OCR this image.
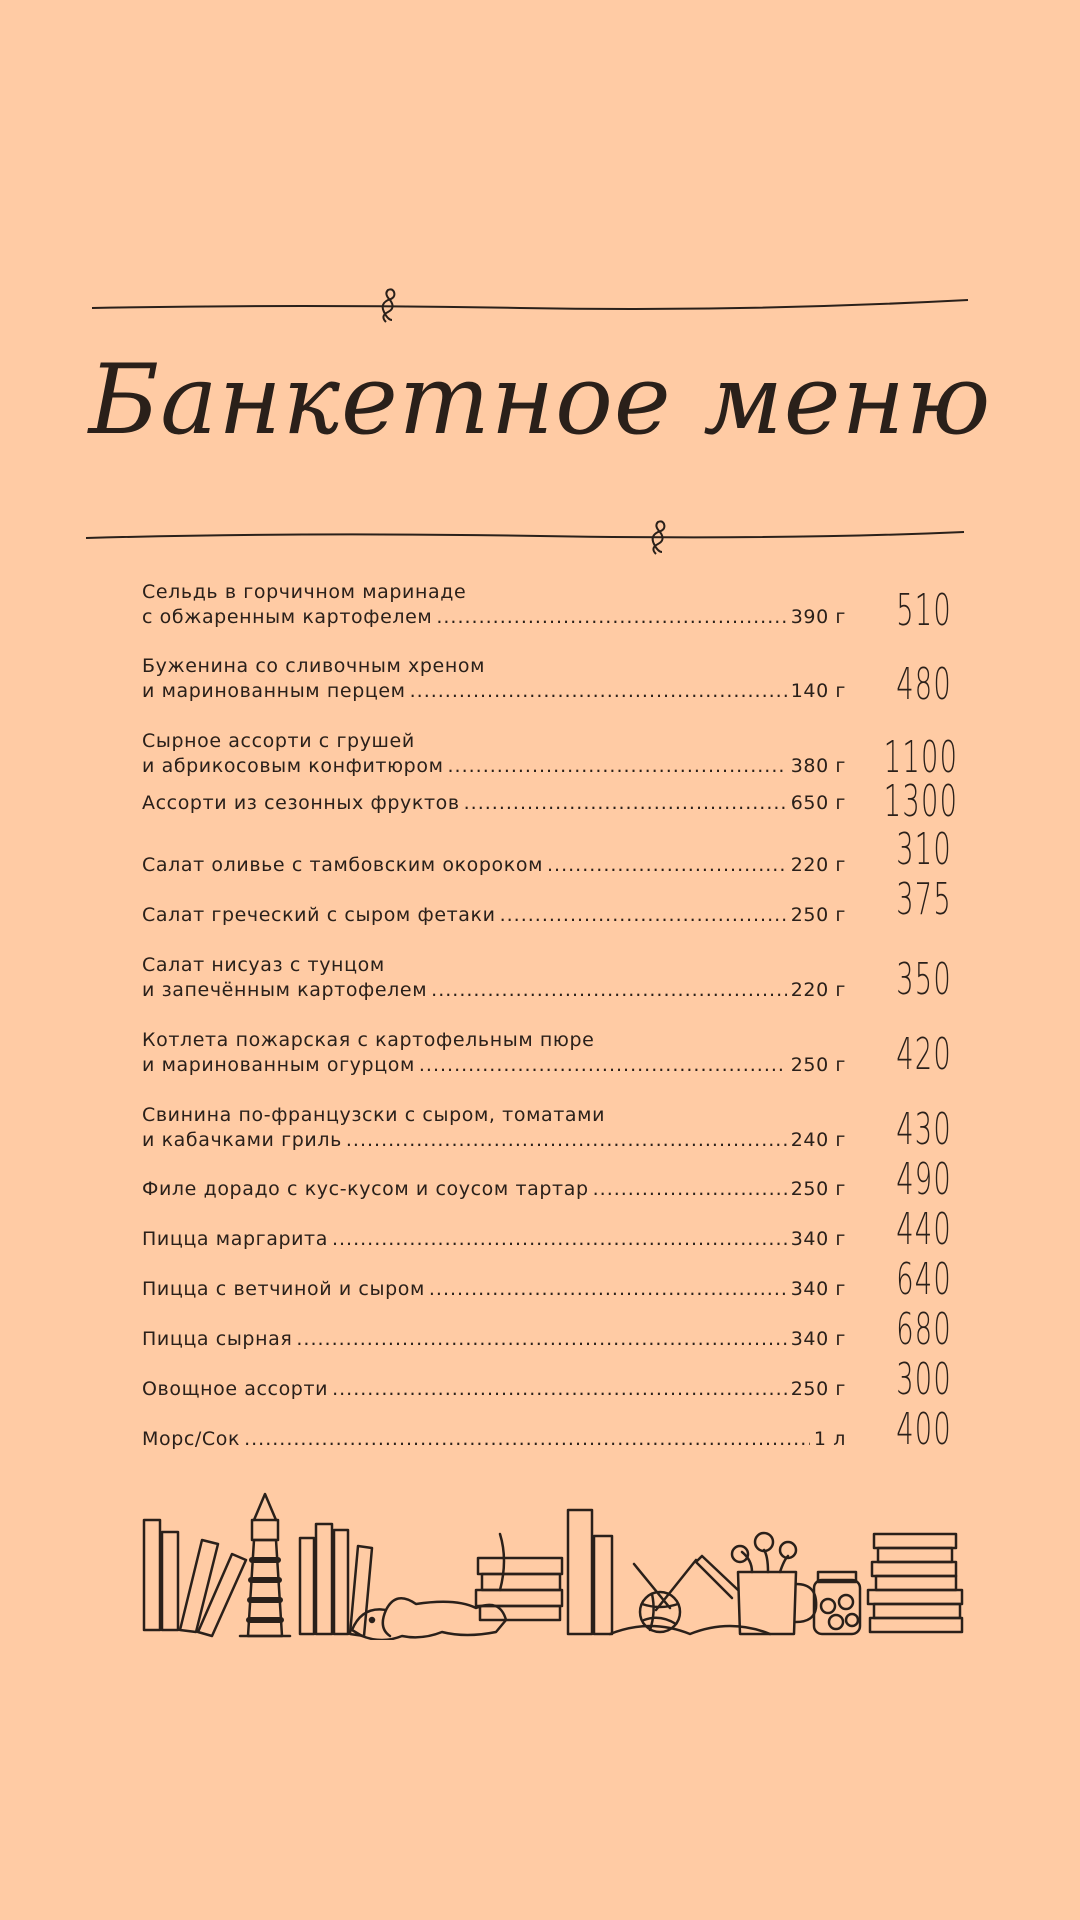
Банкетное меню
Сельдь в горчичном маринаде
с обжаренным картофелем .....	390 г 510
Буженина со сливочным хреном
и маринованным перцем .....	140 г 480
Сырное ассорти с грушей
и абрикосовым конфитюром .....	380 г 1100
Ассорти из сезонных фруктов .....	650 г 1300
Салат оливье с тамбовским окороком .....	220 г 310
Салат греческий с сыром фетаки .....	250 г 375
Салат нисуаз с тунцом
и запечённым картофелем .....	220 г 350
Котлета пожарская с картофельным пюре
и маринованным огурцом .....	250 г 420
Свинина по-французски с сыром, томатами
и кабачками гриль .....	240 г 430
Филе дорадо с кус-кусом и соусом тартар .....	250 г 490
Пицца маргарита .....	340 г 440
Пицца с ветчиной и сыром .....	340 г 640
Пицца сырная .....	340 г 680
Овощное ассорти .....	250 г 300
Морс/Сок .....	1 л 400
